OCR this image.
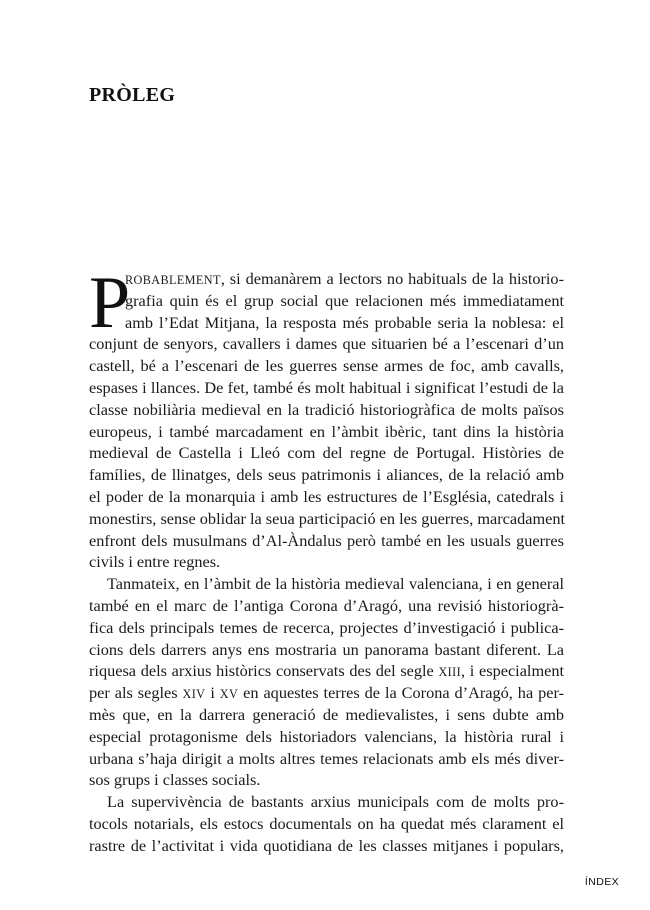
PRÒLEG
P
ROBABLEMENT, si demanàrem a lectors no habituals de la historio-
grafia quin és el grup social que relacionen més immediatament
amb l’Edat Mitjana, la resposta més probable seria la noblesa: el
conjunt de senyors, cavallers i dames que situarien bé a l’escenari d’un
castell, bé a l’escenari de les guerres sense armes de foc, amb cavalls,
espases i llances. De fet, també és molt habitual i significat l’estudi de la
classe nobiliària medieval en la tradició historiogràfica de molts països
europeus, i també marcadament en l’àmbit ibèric, tant dins la història
medieval de Castella i Lleó com del regne de Portugal. Històries de
famílies, de llinatges, dels seus patrimonis i aliances, de la relació amb
el poder de la monarquia i amb les estructures de l’Església, catedrals i
monestirs, sense oblidar la seua participació en les guerres, marcadament
enfront dels musulmans d’Al-Àndalus però també en les usuals guerres
civils i entre regnes.
Tanmateix, en l’àmbit de la història medieval valenciana, i en general
també en el marc de l’antiga Corona d’Aragó, una revisió historiogrà-
fica dels principals temes de recerca, projectes d’investigació i publica-
cions dels darrers anys ens mostraria un panorama bastant diferent. La
riquesa dels arxius històrics conservats des del segle XIII, i especialment
per als segles XIV i XV en aquestes terres de la Corona d’Aragó, ha per-
mès que, en la darrera generació de medievalistes, i sens dubte amb
especial protagonisme dels historiadors valencians, la història rural i
urbana s’haja dirigit a molts altres temes relacionats amb els més diver-
sos grups i classes socials.
La supervivència de bastants arxius municipals com de molts pro-
tocols notarials, els estocs documentals on ha quedat més clarament el
rastre de l’activitat i vida quotidiana de les classes mitjanes i populars,
ÍNDEX
